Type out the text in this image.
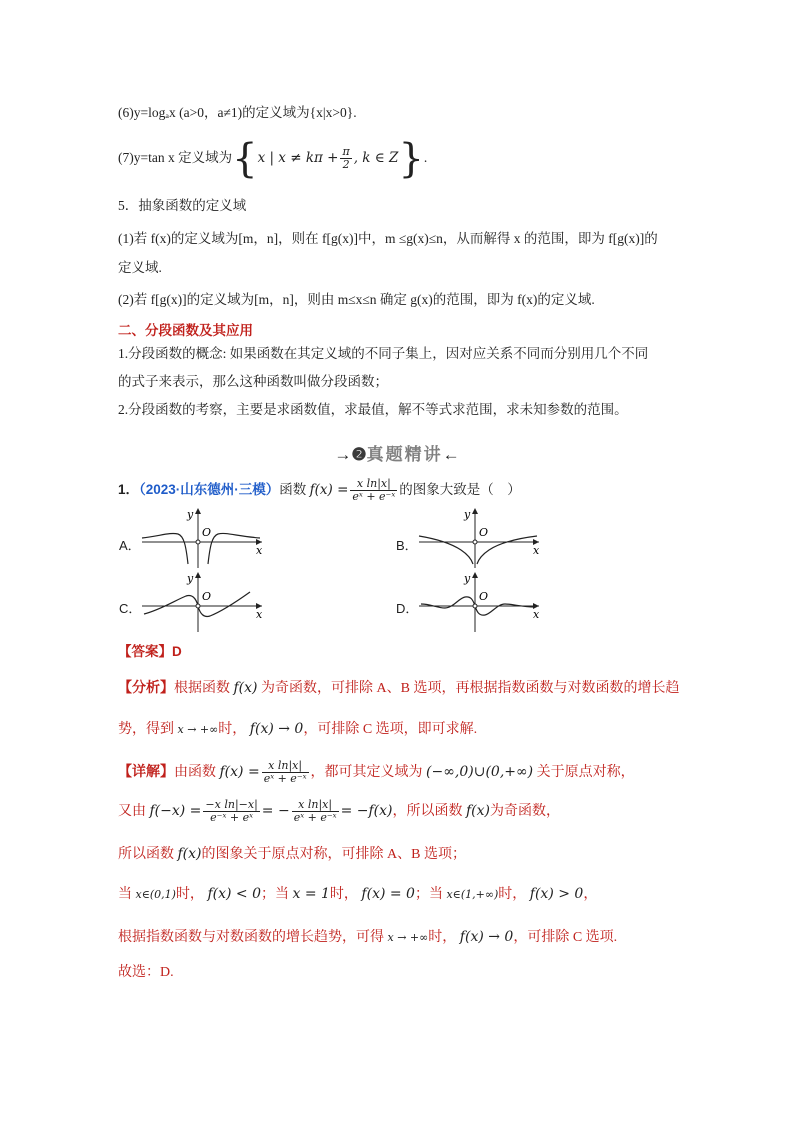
(6)y=logₐx (a>0，a≠1)的定义域为{x|x>0}.
(7)y=tan x 定义域为{x | $x \ne k\pi + \frac{\pi}{2}$ , k ∈ Z}.
5．抽象函数的定义域
(1)若 f(x)的定义域为[m，n]，则在 f[g(x)]中，m ≤g(x)≤n，从而解得 x 的范围，即为 f[g(x)]的
定义域.
(2)若 f[g(x)]的定义域为[m，n]，则由 m≤x≤n 确定 g(x)的范围，即为 f(x)的定义域.
二、分段函数及其应用
1.分段函数的概念: 如果函数在其定义域的不同子集上，因对应关系不同而分别用几个不同
的式子来表示，那么这种函数叫做分段函数；
2.分段函数的考察，主要是求函数值，求最值，解不等式求范围，求未知参数的范围。
→❷真题精讲←
1．（2023·山东德州·三模）函数 $f(x) = \frac{\text{x ln|x|}}{\text{eˣ + e⁻ˣ}}$ 的图象大致是（　）
A．	B．
C．	D．
O
y
x
O
y
x
O
y
x
O
y
x
【答案】D
【分析】根据函数 f(x) 为奇函数，可排除 A、B 选项，再根据指数函数与对数函数的增长趋
势，得到 x → +∞时， f(x) → 0，可排除 C 选项，即可求解.
【详解】由函数 $f(x) = \frac{\text{x ln|x|}}{\text{eˣ + e⁻ˣ}}$ ，都可其定义域为 (−∞,0)∪(0,+∞) 关于原点对称，
又由 $f(-x) = \frac{\text{−x ln|−x|}}{\text{e⁻ˣ + eˣ}}$ = − $\frac{\text{x ln|x|}}{\text{eˣ + e⁻ˣ}} = -f(x)$，所以函数 f(x)为奇函数，
所以函数 f(x)的图象关于原点对称，可排除 A、B 选项；
当 x∈(0,1)时， f(x) < 0；当 x = 1时， f(x) = 0；当 x∈(1,+∞)时， f(x) > 0，
根据指数函数与对数函数的增长趋势，可得 x → +∞时， f(x) → 0，可排除 C 选项.
故选：D.
